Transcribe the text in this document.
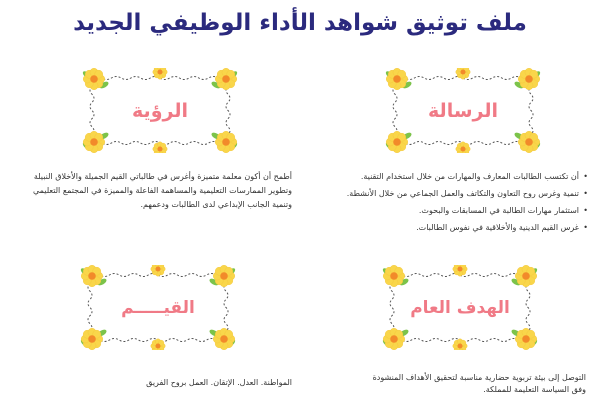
ملف توثيق شواهد الأداء الوظيفي الجديد
الرسالة
الرؤية
• أن تكتسب الطالبات المعارف والمهارات من خلال استخدام التقنية.
• تنمية وغرس روح التعاون والتكاتف والعمل الجماعي من خلال الأنشطة.
• استثمار مهارات الطالبة في المسابقات والبحوث.
• غرس القيم الدينية والأخلاقية في نفوس الطالبات.
أطمح أن أكون معلمة متميزة وأغرس في طالباتي القيم الجميلة والأخلاق النبيلة وتطوير الممارسات التعليمية والمساهمة الفاعلة والمميزة في المجتمع التعليمي وتنمية الجانب الإبداعي لدى الطالبات ودعمهم.
الهدف العام
القيـــــم
التوصل إلى بيئة تربوية حضارية مناسبة لتحقيق الأهداف المنشودة وفق السياسة التعليمة للمملكة.
المواطنة. العدل. الإتقان. العمل بروح الفريق
